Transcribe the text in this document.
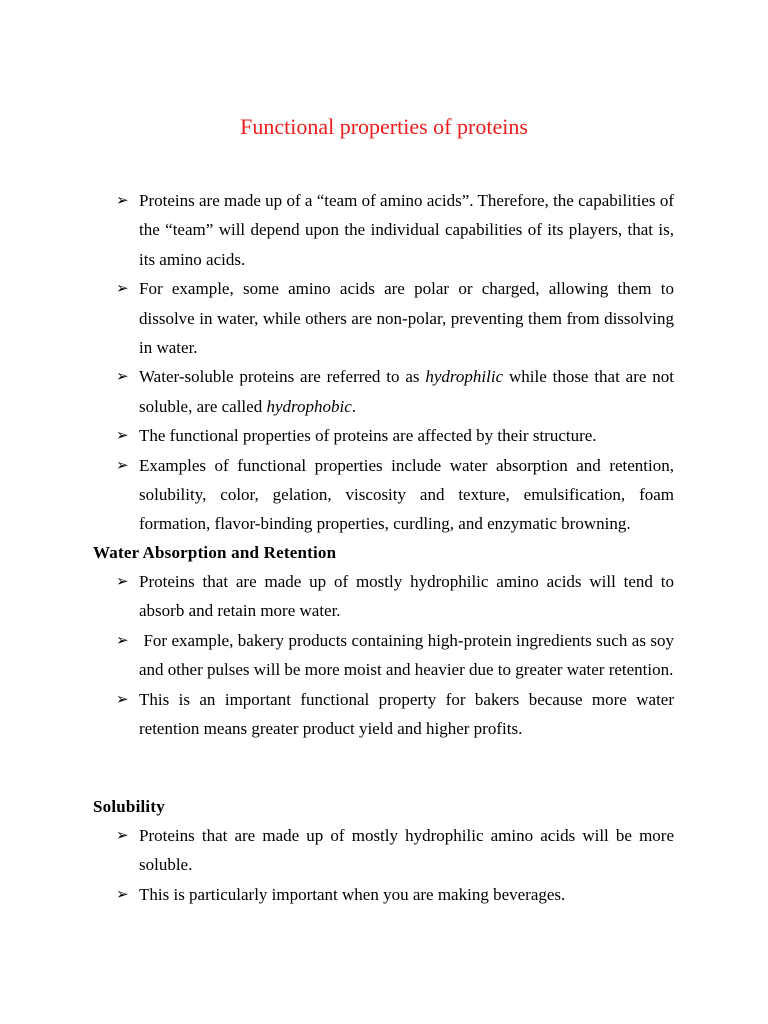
Functional properties of proteins
➢ Proteins are made up of a “team of amino acids”. Therefore, the capabilities of the “team” will depend upon the individual capabilities of its players, that is, its amino acids.
➢ For example, some amino acids are polar or charged, allowing them to dissolve in water, while others are non-polar, preventing them from dissolving in water.
➢ Water-soluble proteins are referred to as hydrophilic while those that are not soluble, are called hydrophobic.
➢ The functional properties of proteins are affected by their structure.
➢ Examples of functional properties include water absorption and retention, solubility, color, gelation, viscosity and texture, emulsification, foam formation, flavor-binding properties, curdling, and enzymatic browning.
Water Absorption and Retention
➢ Proteins that are made up of mostly hydrophilic amino acids will tend to absorb and retain more water.
➢ For example, bakery products containing high-protein ingredients such as soy and other pulses will be more moist and heavier due to greater water retention.
➢ This is an important functional property for bakers because more water retention means greater product yield and higher profits.
Solubility
➢ Proteins that are made up of mostly hydrophilic amino acids will be more soluble.
➢ This is particularly important when you are making beverages.
